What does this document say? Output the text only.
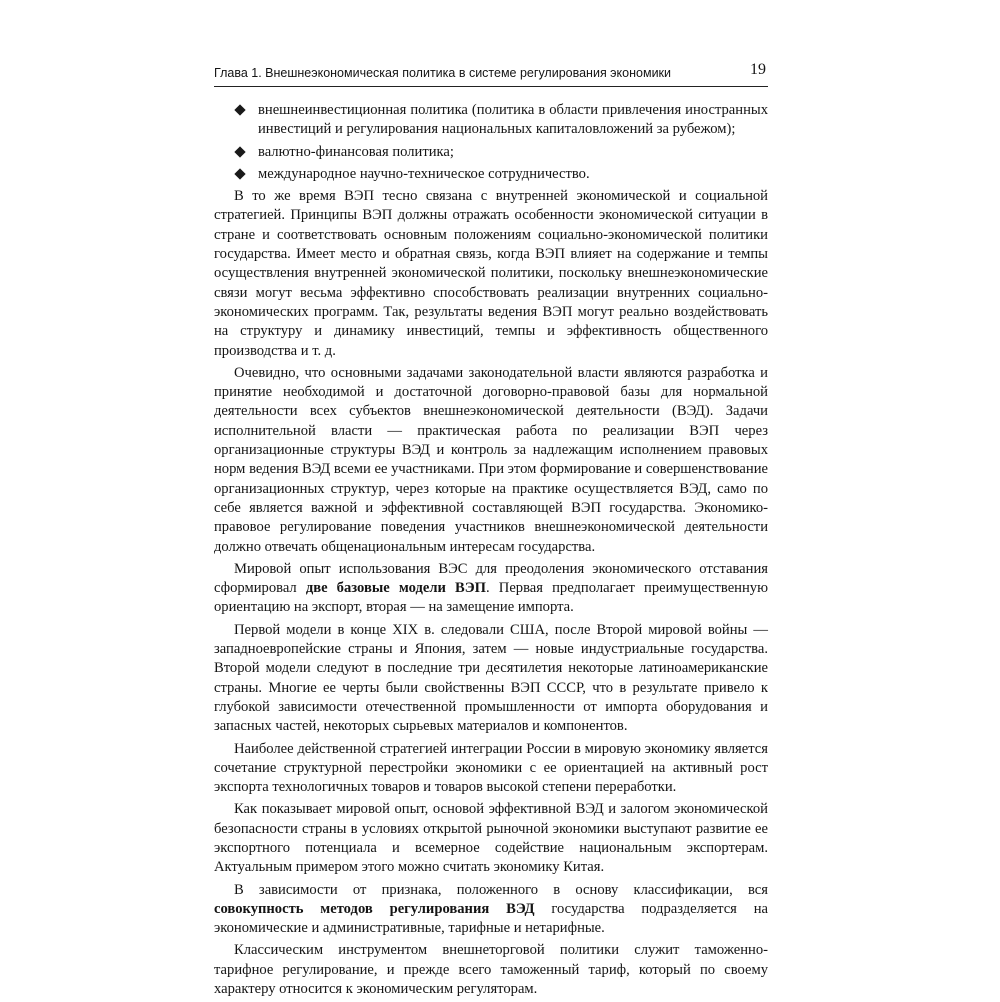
Глава 1. Внешнеэкономическая политика в системе регулирования экономики	19
внешнеинвестиционная политика (политика в области привлечения иностранных инвестиций и регулирования национальных капиталовложений за рубежом);
валютно-финансовая политика;
международное научно-техническое сотрудничество.

В то же время ВЭП тесно связана с внутренней экономической и социальной стратегией. Принципы ВЭП должны отражать особенности экономической ситуации в стране и соответствовать основным положениям социально-экономической политики государства. Имеет место и обратная связь, когда ВЭП влияет на содержание и темпы осуществления внутренней экономической политики, поскольку внешнеэкономические связи могут весьма эффективно способствовать реализации внутренних социально-экономических программ. Так, результаты ведения ВЭП могут реально воздействовать на структуру и динамику инвестиций, темпы и эффективность общественного производства и т. д.

Очевидно, что основными задачами законодательной власти являются разработка и принятие необходимой и достаточной договорно-правовой базы для нормальной деятельности всех субъектов внешнеэкономической деятельности (ВЭД). Задачи исполнительной власти — практическая работа по реализации ВЭП через организационные структуры ВЭД и контроль за надлежащим исполнением правовых норм ведения ВЭД всеми ее участниками. При этом формирование и совершенствование организационных структур, через которые на практике осуществляется ВЭД, само по себе является важной и эффективной составляющей ВЭП государства. Экономико-правовое регулирование поведения участников внешнеэкономической деятельности должно отвечать общенациональным интересам государства.

Мировой опыт использования ВЭС для преодоления экономического отставания сформировал две базовые модели ВЭП. Первая предполагает преимущественную ориентацию на экспорт, вторая — на замещение импорта.

Первой модели в конце XIX в. следовали США, после Второй мировой войны — западноевропейские страны и Япония, затем — новые индустриальные государства. Второй модели следуют в последние три десятилетия некоторые латиноамериканские страны. Многие ее черты были свойственны ВЭП СССР, что в результате привело к глубокой зависимости отечественной промышленности от импорта оборудования и запасных частей, некоторых сырьевых материалов и компонентов.

Наиболее действенной стратегией интеграции России в мировую экономику является сочетание структурной перестройки экономики с ее ориентацией на активный рост экспорта технологичных товаров и товаров высокой степени переработки.

Как показывает мировой опыт, основой эффективной ВЭД и залогом экономической безопасности страны в условиях открытой рыночной экономики выступают развитие ее экспортного потенциала и всемерное содействие национальным экспортерам. Актуальным примером этого можно считать экономику Китая.

В зависимости от признака, положенного в основу классификации, вся совокупность методов регулирования ВЭД государства подразделяется на экономические и административные, тарифные и нетарифные.

Классическим инструментом внешнеторговой политики служит таможенно-тарифное регулирование, и прежде всего таможенный тариф, который по своему характеру относится к экономическим регуляторам.
